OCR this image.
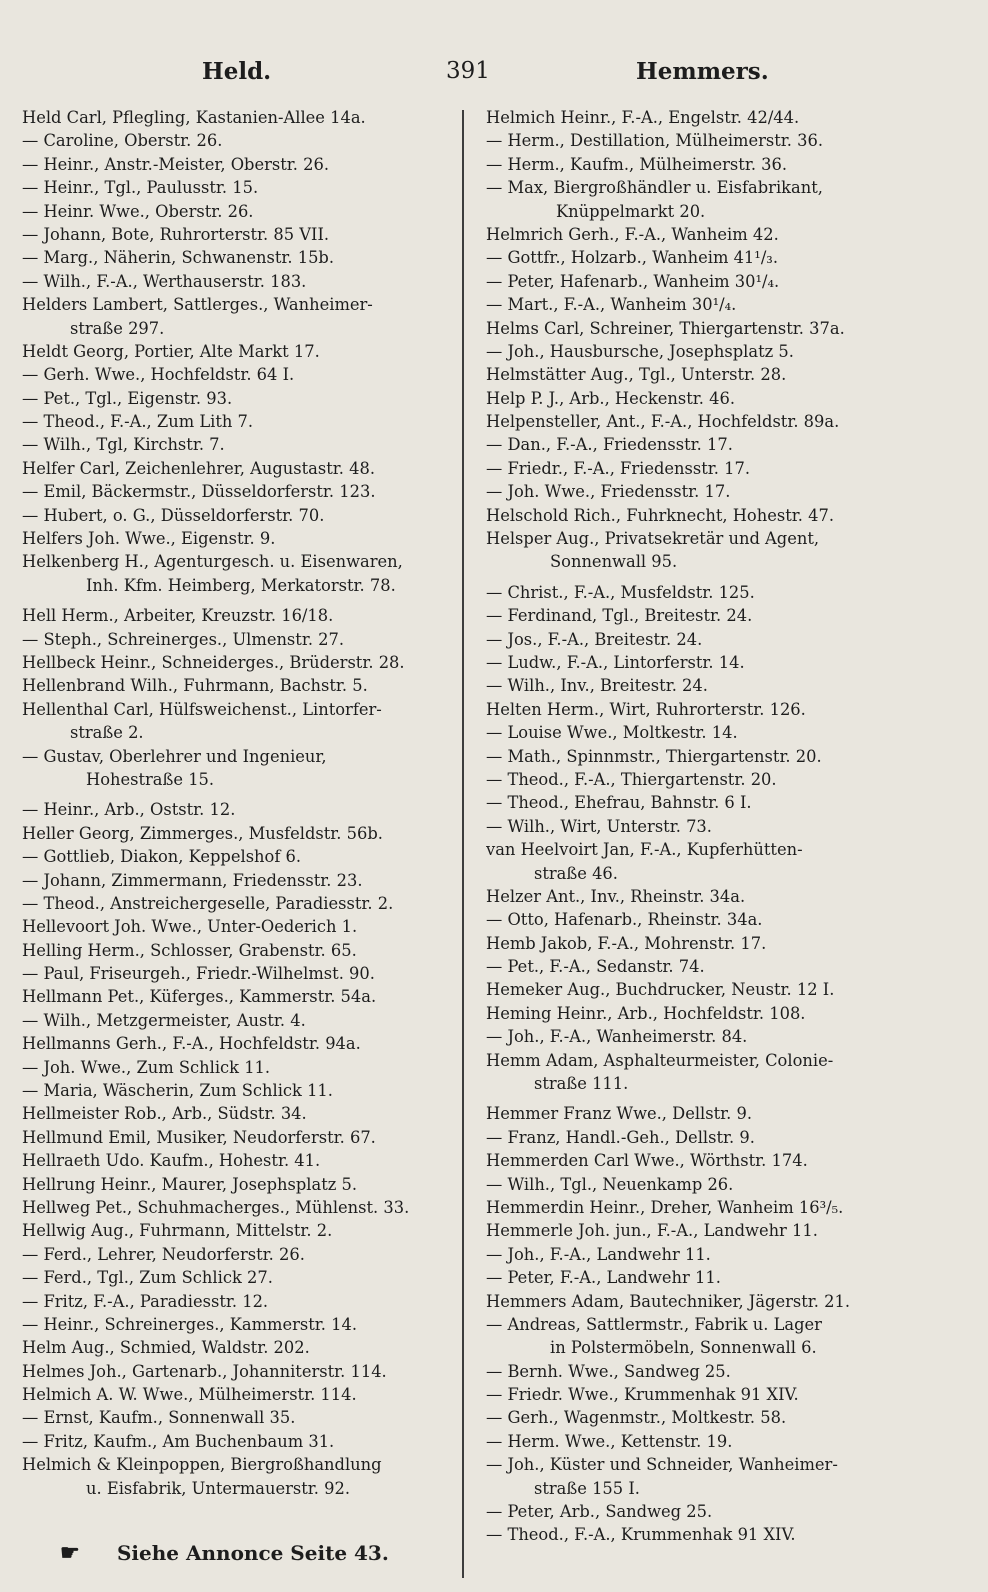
Held.	391	Hemmers.
Held Carl, Pflegling, Kastanien-Allee 14a.
— Caroline, Oberstr. 26.
— Heinr., Anstr.-Meister, Oberstr. 26.
— Heinr., Tgl., Paulusstr. 15.
— Heinr. Wwe., Oberstr. 26.
— Johann, Bote, Ruhrorterstr. 85 VII.
— Marg., Näherin, Schwanenstr. 15b.
— Wilh., F.-A., Werthauserstr. 183.
Helders Lambert, Sattlerges., Wanheimer-
straße 297.
Heldt Georg, Portier, Alte Markt 17.
— Gerh. Wwe., Hochfeldstr. 64 I.
— Pet., Tgl., Eigenstr. 93.
— Theod., F.-A., Zum Lith 7.
— Wilh., Tgl, Kirchstr. 7.
Helfer Carl, Zeichenlehrer, Augustastr. 48.
— Emil, Bäckermstr., Düsseldorferstr. 123.
— Hubert, o. G., Düsseldorferstr. 70.
Helfers Joh. Wwe., Eigenstr. 9.
Helkenberg H., Agenturgesch. u. Eisenwaren,
Inh. Kfm. Heimberg, Merkatorstr. 78.
Hell Herm., Arbeiter, Kreuzstr. 16/18.
— Steph., Schreinerges., Ulmenstr. 27.
Hellbeck Heinr., Schneiderges., Brüderstr. 28.
Hellenbrand Wilh., Fuhrmann, Bachstr. 5.
Hellenthal Carl, Hülfsweichenst., Lintorfer-
straße 2.
— Gustav, Oberlehrer und Ingenieur,
Hohestraße 15.
— Heinr., Arb., Oststr. 12.
Heller Georg, Zimmerges., Musfeldstr. 56b.
— Gottlieb, Diakon, Keppelshof 6.
— Johann, Zimmermann, Friedensstr. 23.
— Theod., Anstreichergeselle, Paradiesstr. 2.
Hellevoort Joh. Wwe., Unter-Oederich 1.
Helling Herm., Schlosser, Grabenstr. 65.
— Paul, Friseurgeh., Friedr.-Wilhelmst. 90.
Hellmann Pet., Küferges., Kammerstr. 54a.
— Wilh., Metzgermeister, Austr. 4.
Hellmanns Gerh., F.-A., Hochfeldstr. 94a.
— Joh. Wwe., Zum Schlick 11.
— Maria, Wäscherin, Zum Schlick 11.
Hellmeister Rob., Arb., Südstr. 34.
Hellmund Emil, Musiker, Neudorferstr. 67.
Hellraeth Udo. Kaufm., Hohestr. 41.
Hellrung Heinr., Maurer, Josephsplatz 5.
Hellweg Pet., Schuhmacherges., Mühlenst. 33.
Hellwig Aug., Fuhrmann, Mittelstr. 2.
— Ferd., Lehrer, Neudorferstr. 26.
— Ferd., Tgl., Zum Schlick 27.
— Fritz, F.-A., Paradiesstr. 12.
— Heinr., Schreinerges., Kammerstr. 14.
Helm Aug., Schmied, Waldstr. 202.
Helmes Joh., Gartenarb., Johanniterstr. 114.
Helmich A. W. Wwe., Mülheimerstr. 114.
— Ernst, Kaufm., Sonnenwall 35.
— Fritz, Kaufm., Am Buchenbaum 31.
Helmich & Kleinpoppen, Biergroßhandlung
u. Eisfabrik, Untermauerstr. 92.
Helmich Heinr., F.-A., Engelstr. 42/44.
— Herm., Destillation, Mülheimerstr. 36.
— Herm., Kaufm., Mülheimerstr. 36.
— Max, Biergroßhändler u. Eisfabrikant,
Knüppelmarkt 20.
Helmrich Gerh., F.-A., Wanheim 42.
— Gottfr., Holzarb., Wanheim 41¹/₃.
— Peter, Hafenarb., Wanheim 30¹/₄.
— Mart., F.-A., Wanheim 30¹/₄.
Helms Carl, Schreiner, Thiergartenstr. 37a.
— Joh., Hausbursche, Josephsplatz 5.
Helmstätter Aug., Tgl., Unterstr. 28.
Help P. J., Arb., Heckenstr. 46.
Helpensteller, Ant., F.-A., Hochfeldstr. 89a.
— Dan., F.-A., Friedensstr. 17.
— Friedr., F.-A., Friedensstr. 17.
— Joh. Wwe., Friedensstr. 17.
Helschold Rich., Fuhrknecht, Hohestr. 47.
Helsper Aug., Privatsekretär und Agent,
Sonnenwall 95.
— Christ., F.-A., Musfeldstr. 125.
— Ferdinand, Tgl., Breitestr. 24.
— Jos., F.-A., Breitestr. 24.
— Ludw., F.-A., Lintorferstr. 14.
— Wilh., Inv., Breitestr. 24.
Helten Herm., Wirt, Ruhrorterstr. 126.
— Louise Wwe., Moltkestr. 14.
— Math., Spinnmstr., Thiergartenstr. 20.
— Theod., F.-A., Thiergartenstr. 20.
— Theod., Ehefrau, Bahnstr. 6 I.
— Wilh., Wirt, Unterstr. 73.
van Heelvoirt Jan, F.-A., Kupferhütten-
straße 46.
Helzer Ant., Inv., Rheinstr. 34a.
— Otto, Hafenarb., Rheinstr. 34a.
Hemb Jakob, F.-A., Mohrenstr. 17.
— Pet., F.-A., Sedanstr. 74.
Hemeker Aug., Buchdrucker, Neustr. 12 I.
Heming Heinr., Arb., Hochfeldstr. 108.
— Joh., F.-A., Wanheimerstr. 84.
Hemm Adam, Asphalteurmeister, Colonie-
straße 111.
Hemmer Franz Wwe., Dellstr. 9.
— Franz, Handl.-Geh., Dellstr. 9.
Hemmerden Carl Wwe., Wörthstr. 174.
— Wilh., Tgl., Neuenkamp 26.
Hemmerdin Heinr., Dreher, Wanheim 16³/₅.
Hemmerle Joh. jun., F.-A., Landwehr 11.
— Joh., F.-A., Landwehr 11.
— Peter, F.-A., Landwehr 11.
Hemmers Adam, Bautechniker, Jägerstr. 21.
— Andreas, Sattlermstr., Fabrik u. Lager
in Polstermöbeln, Sonnenwall 6.
— Bernh. Wwe., Sandweg 25.
— Friedr. Wwe., Krummenhak 91 XIV.
— Gerh., Wagenmstr., Moltkestr. 58.
— Herm. Wwe., Kettenstr. 19.
— Joh., Küster und Schneider, Wanheimer-
straße 155 I.
— Peter, Arb., Sandweg 25.
— Theod., F.-A., Krummenhak 91 XIV.
☛ Siehe Annonce Seite 43.
